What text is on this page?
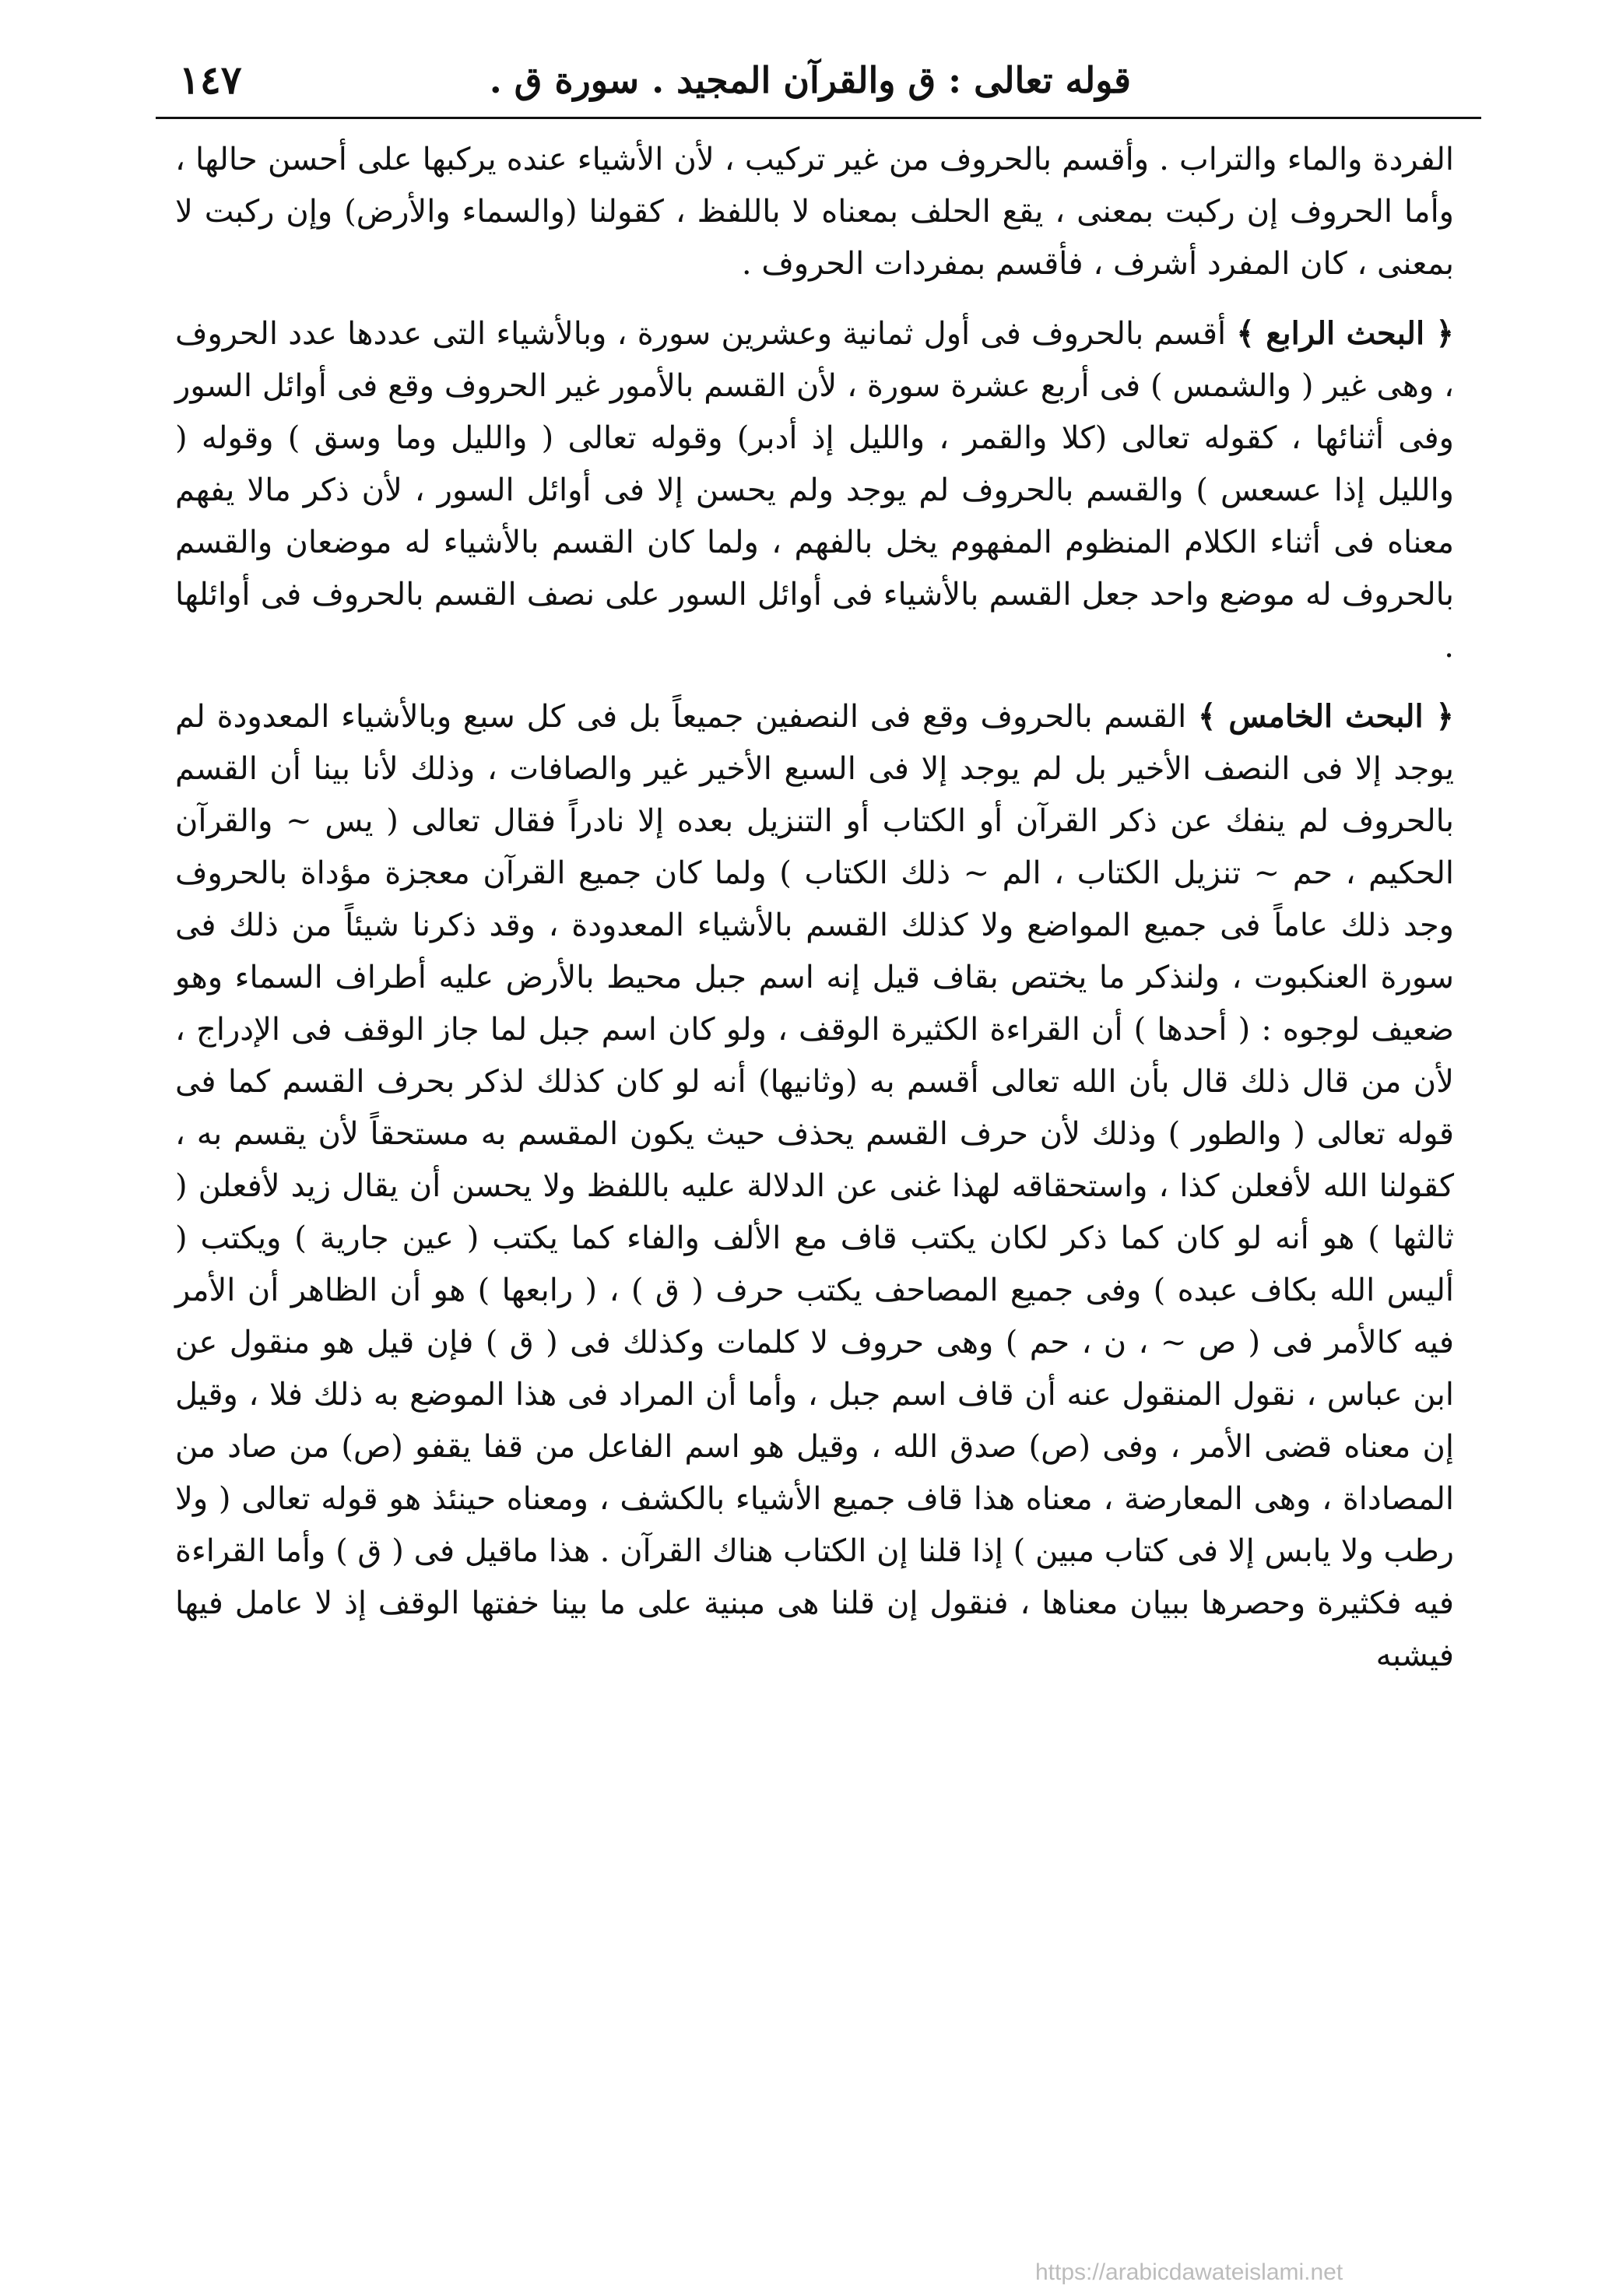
١٤٧	قوله تعالى : ق والقرآن المجيد . سورة ق .

الفردة والماء والتراب . وأقسم بالحروف من غير تركيب ، لأن الأشياء عنده يركبها على أحسن حالها ، وأما الحروف إن ركبت بمعنى ، يقع الحلف بمعناه لا باللفظ ، كقولنا (والسماء والأرض) وإن ركبت لا بمعنى ، كان المفرد أشرف ، فأقسم بمفردات الحروف .

﴿ البحث الرابع ﴾ أقسم بالحروف فى أول ثمانية وعشرين سورة ، وبالأشياء التى عددها عدد الحروف ، وهى غير ( والشمس ) فى أربع عشرة سورة ، لأن القسم بالأمور غير الحروف وقع فى أوائل السور وفى أثنائها ، كقوله تعالى (كلا والقمر ، والليل إذ أدبر) وقوله تعالى ( والليل وما وسق ) وقوله ( والليل إذا عسعس ) والقسم بالحروف لم يوجد ولم يحسن إلا فى أوائل السور ، لأن ذكر مالا يفهم معناه فى أثناء الكلام المنظوم المفهوم يخل بالفهم ، ولما كان القسم بالأشياء له موضعان والقسم بالحروف له موضع واحد جعل القسم بالأشياء فى أوائل السور على نصف القسم بالحروف فى أوائلها .

﴿ البحث الخامس ﴾ القسم بالحروف وقع فى النصفين جميعاً بل فى كل سبع وبالأشياء المعدودة لم يوجد إلا فى النصف الأخير بل لم يوجد إلا فى السبع الأخير غير والصافات ، وذلك لأنا بينا أن القسم بالحروف لم ينفك عن ذكر القرآن أو الكتاب أو التنزيل بعده إلا نادراً فقال تعالى ( يس ~ والقرآن الحكيم ، حم ~ تنزيل الكتاب ، الم ~ ذلك الكتاب ) ولما كان جميع القرآن معجزة مؤداة بالحروف وجد ذلك عاماً فى جميع المواضع ولا كذلك القسم بالأشياء المعدودة ، وقد ذكرنا شيئاً من ذلك فى سورة العنكبوت ، ولنذكر ما يختص بقاف قيل إنه اسم جبل محيط بالأرض عليه أطراف السماء وهو ضعيف لوجوه : ( أحدها ) أن القراءة الكثيرة الوقف ، ولو كان اسم جبل لما جاز الوقف فى الإدراج ، لأن من قال ذلك قال بأن الله تعالى أقسم به (وثانيها) أنه لو كان كذلك لذكر بحرف القسم كما فى قوله تعالى ( والطور ) وذلك لأن حرف القسم يحذف حيث يكون المقسم به مستحقاً لأن يقسم به ، كقولنا الله لأفعلن كذا ، واستحقاقه لهذا غنى عن الدلالة عليه باللفظ ولا يحسن أن يقال زيد لأفعلن ( ثالثها ) هو أنه لو كان كما ذكر لكان يكتب قاف مع الألف والفاء كما يكتب ( عين جارية ) ويكتب ( أليس الله بكاف عبده ) وفى جميع المصاحف يكتب حرف ( ق ) ، ( رابعها ) هو أن الظاهر أن الأمر فيه كالأمر فى ( ص ~ ، ن ، حم ) وهى حروف لا كلمات وكذلك فى ( ق ) فإن قيل هو منقول عن ابن عباس ، نقول المنقول عنه أن قاف اسم جبل ، وأما أن المراد فى هذا الموضع به ذلك فلا ، وقيل إن معناه قضى الأمر ، وفى (ص) صدق الله ، وقيل هو اسم الفاعل من قفا يقفو (ص) من صاد من المصاداة ، وهى المعارضة ، معناه هذا قاف جميع الأشياء بالكشف ، ومعناه حينئذ هو قوله تعالى ( ولا رطب ولا يابس إلا فى كتاب مبين ) إذا قلنا إن الكتاب هناك القرآن . هذا ماقيل فى ( ق ) وأما القراءة فيه فكثيرة وحصرها ببيان معناها ، فنقول إن قلنا هى مبنية على ما بينا خفتها الوقف إذ لا عامل فيها فيشبه

https://arabicdawateislami.net
